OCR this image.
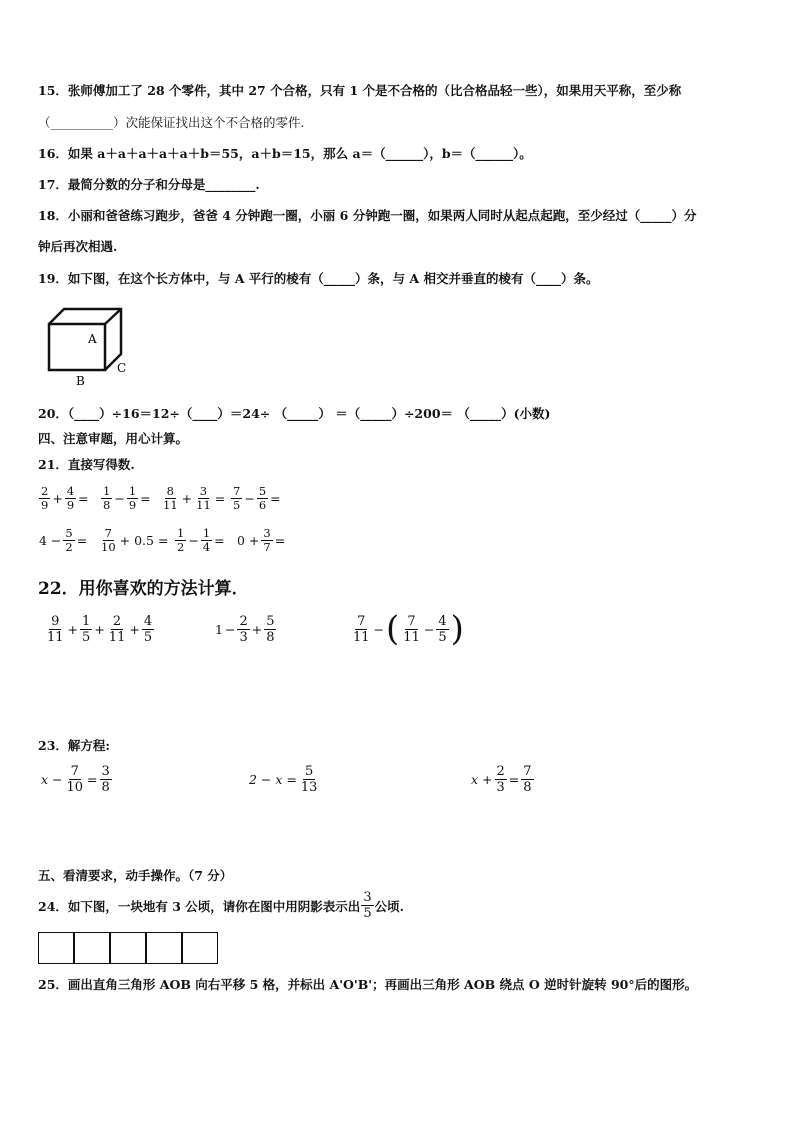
15．张师傅加工了 28 个零件，其中 27 个合格，只有 1 个是不合格的（比合格品轻一些），如果用天平称，至少称
（__________）次能保证找出这个不合格的零件.
16．如果 a＋a＋a＋a＋a＋b＝55，a＋b＝15，那么 a＝（______），b＝（______）。
17．最简分数的分子和分母是________.
18．小丽和爸爸练习跑步，爸爸 4 分钟跑一圈，小丽 6 分钟跑一圈，如果两人同时从起点起跑，至少经过（_____）分
钟后再次相遇.
19．如下图，在这个长方体中，与 A 平行的棱有（_____）条，与 A 相交并垂直的棱有（____）条。
A
B
C
20．（____）÷16＝12÷（____）＝24÷ （_____） ＝（_____）÷200＝ （_____）(小数)
四、注意审题，用心计算。
21．直接写得数.
$\frac{2}{9} + \frac{4}{9} = \frac{1}{8} - \frac{1}{9} = \frac{8}{11} + \frac{3}{11} = \frac{7}{5} - \frac{5}{6}$ =
$4 - \frac{5}{2} = \frac{7}{10} + 0.5 = \frac{1}{2} - \frac{1}{4} = 0 + \frac{3}{7}$ =
22．用你喜欢的方法计算．
$\frac{9}{11} + \frac{1}{5} + \frac{2}{11} + \frac{4}{5}$	$1 - \frac{2}{3} + \frac{5}{8}$	$\frac{7}{11}$ − ( $\frac{7}{11} - \frac{4}{5}$ )
23．解方程:
$x - \frac{7}{10} = \frac{3}{8}$	$2 - x = \frac{5}{13}$	$x + \frac{2}{3} = \frac{7}{8}$
五、看清要求，动手操作。（7 分）
24．如下图，一块地有 3 公顷，请你在图中用阴影表示出 $\frac{3}{5}$ 公顷.
25．画出直角三角形 AOB 向右平移 5 格，并标出 A'O'B'；再画出三角形 AOB 绕点 O 逆时针旋转 90°后的图形。
